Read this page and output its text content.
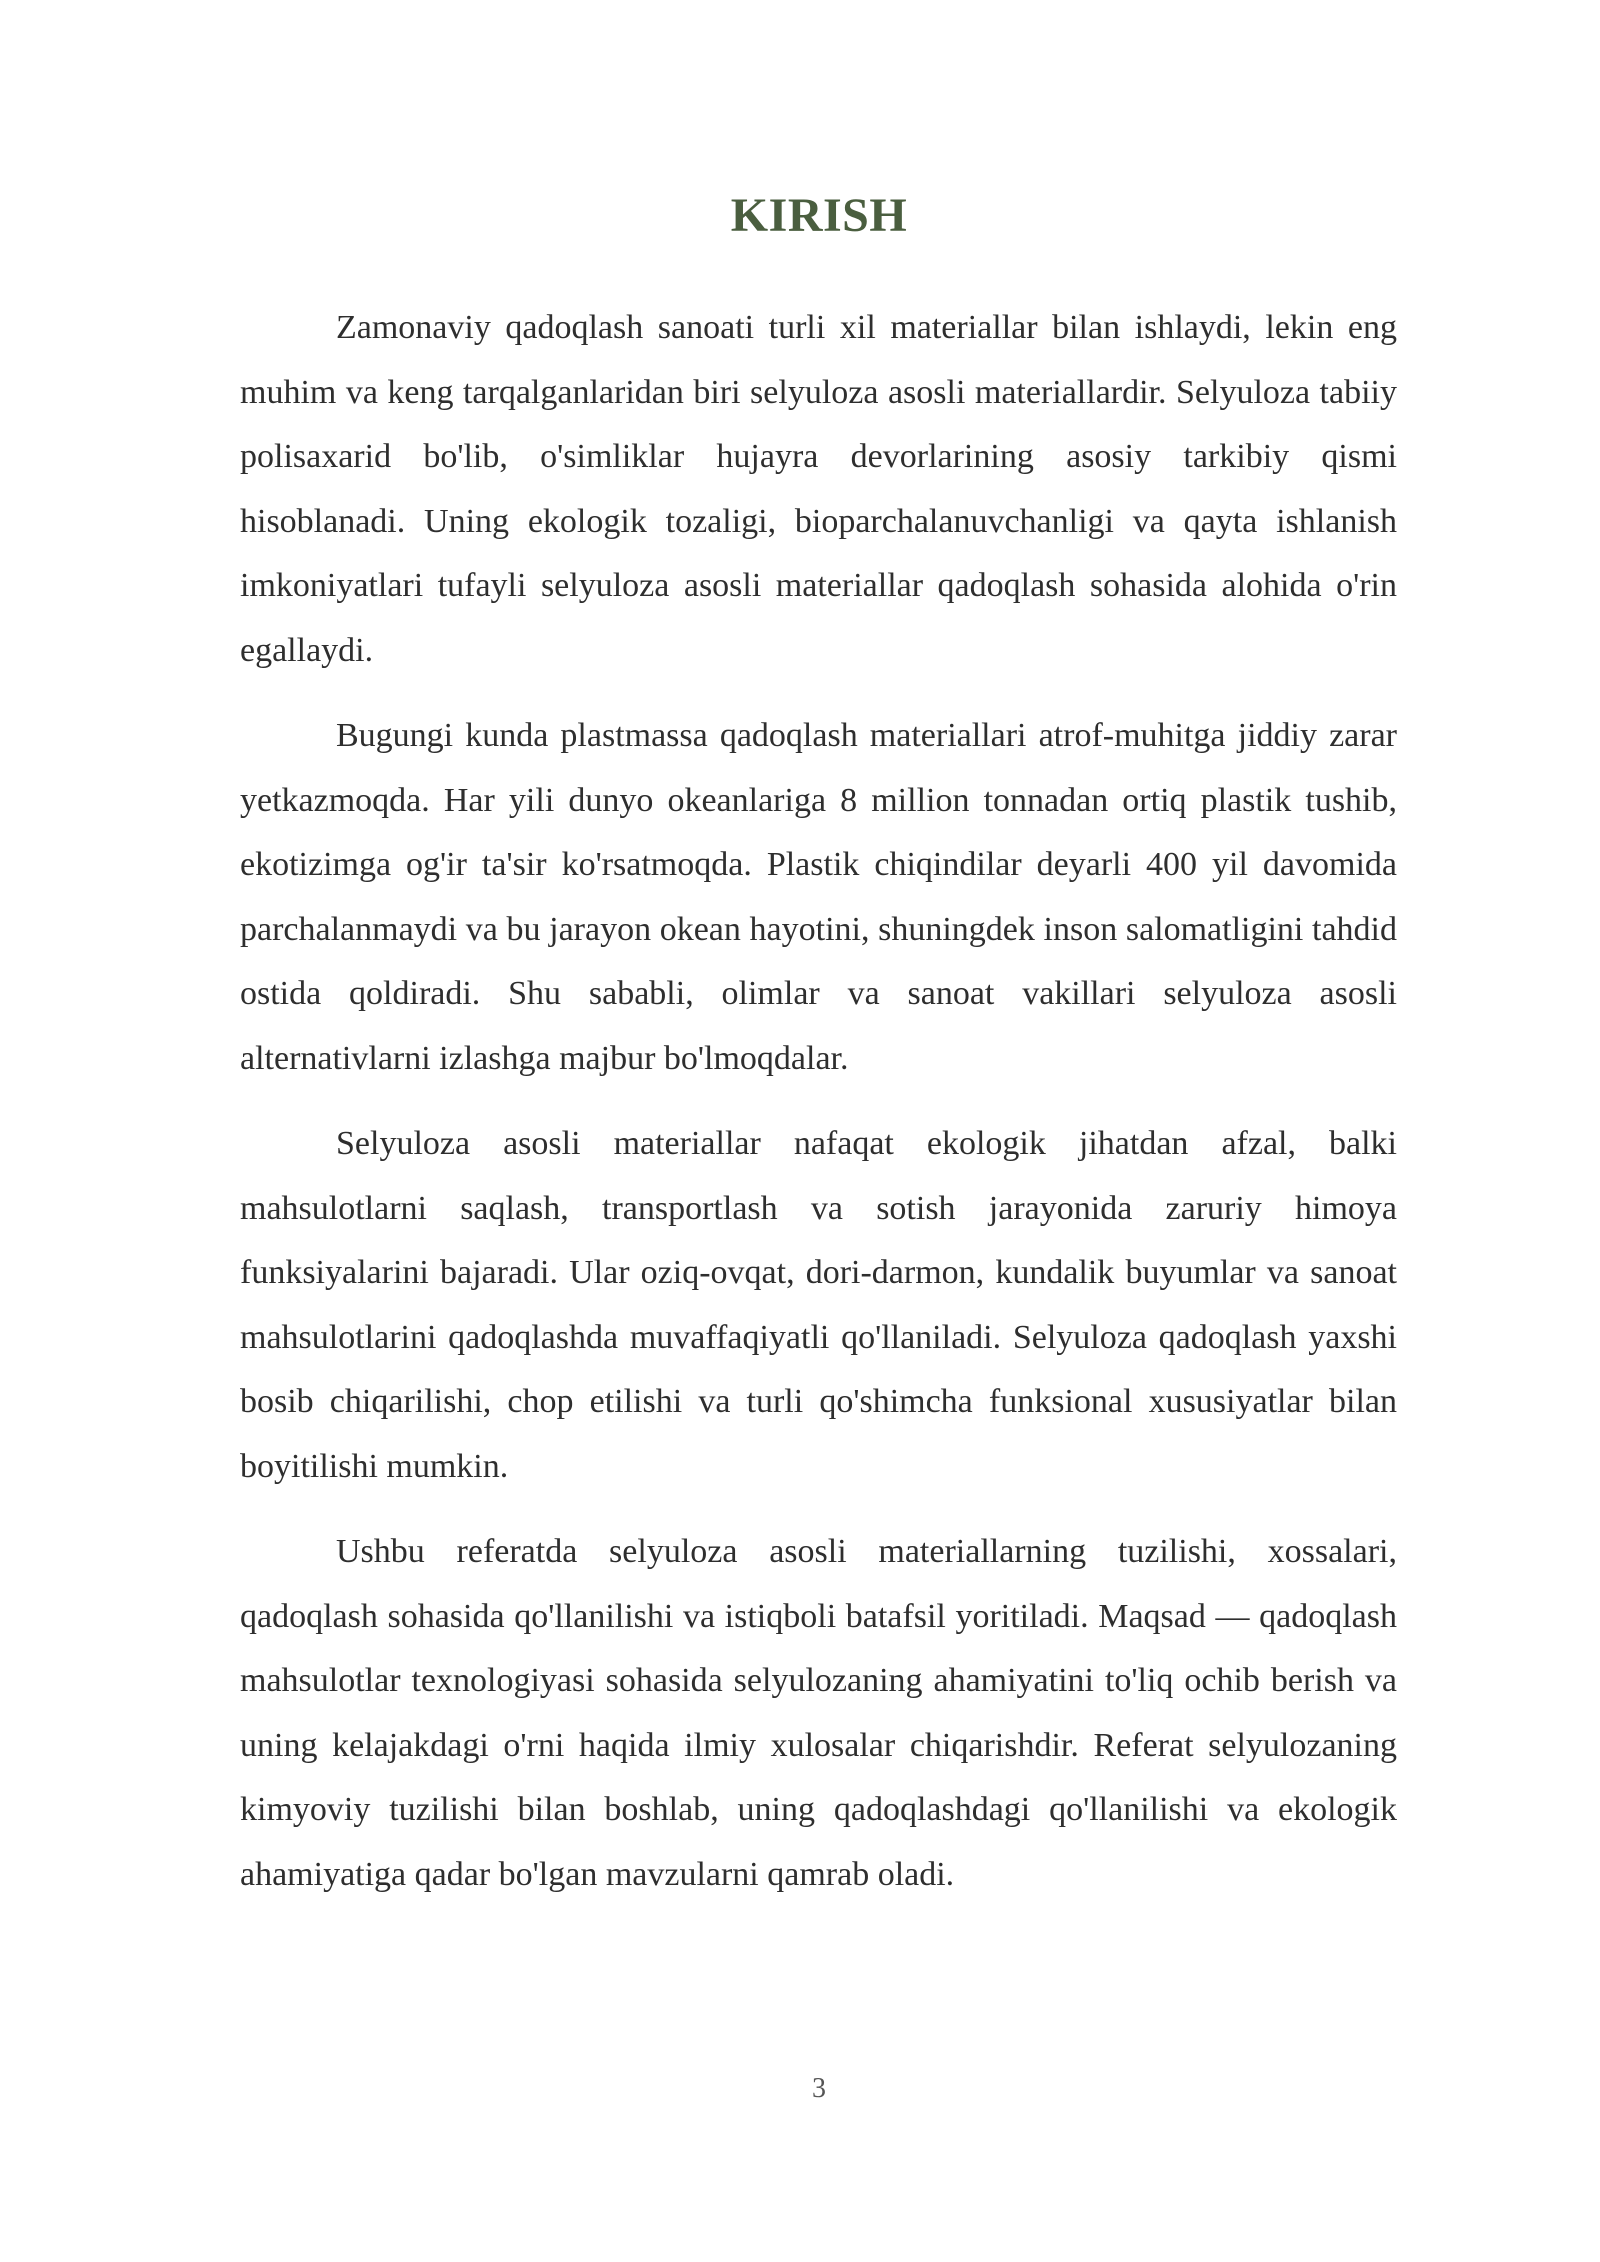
KIRISH

Zamonaviy qadoqlash sanoati turli xil materiallar bilan ishlaydi, lekin eng muhim va keng tarqalganlaridan biri selyuloza asosli materiallardir. Selyuloza tabiiy polisaxarid bo'lib, o'simliklar hujayra devorlarining asosiy tarkibiy qismi hisoblanadi. Uning ekologik tozaligi, bioparchalanuvchanligi va qayta ishlanish imkoniyatlari tufayli selyuloza asosli materiallar qadoqlash sohasida alohida o'rin egallaydi.

Bugungi kunda plastmassa qadoqlash materiallari atrof-muhitga jiddiy zarar yetkazmoqda. Har yili dunyo okeanlariga 8 million tonnadan ortiq plastik tushib, ekotizimga og'ir ta'sir ko'rsatmoqda. Plastik chiqindilar deyarli 400 yil davomida parchalanmaydi va bu jarayon okean hayotini, shuningdek inson salomatligini tahdid ostida qoldiradi. Shu sababli, olimlar va sanoat vakillari selyuloza asosli alternativlarni izlashga majbur bo'lmoqdalar.

Selyuloza asosli materiallar nafaqat ekologik jihatdan afzal, balki mahsulotlarni saqlash, transportlash va sotish jarayonida zaruriy himoya funksiyalarini bajaradi. Ular oziq-ovqat, dori-darmon, kundalik buyumlar va sanoat mahsulotlarini qadoqlashda muvaffaqiyatli qo'llaniladi. Selyuloza qadoqlash yaxshi bosib chiqarilishi, chop etilishi va turli qo'shimcha funksional xususiyatlar bilan boyitilishi mumkin.

Ushbu referatda selyuloza asosli materiallarning tuzilishi, xossalari, qadoqlash sohasida qo'llanilishi va istiqboli batafsil yoritiladi. Maqsad — qadoqlash mahsulotlar texnologiyasi sohasida selyulozaning ahamiyatini to'liq ochib berish va uning kelajakdagi o'rni haqida ilmiy xulosalar chiqarishdir. Referat selyulozaning kimyoviy tuzilishi bilan boshlab, uning qadoqlashdagi qo'llanilishi va ekologik ahamiyatiga qadar bo'lgan mavzularni qamrab oladi.

3
